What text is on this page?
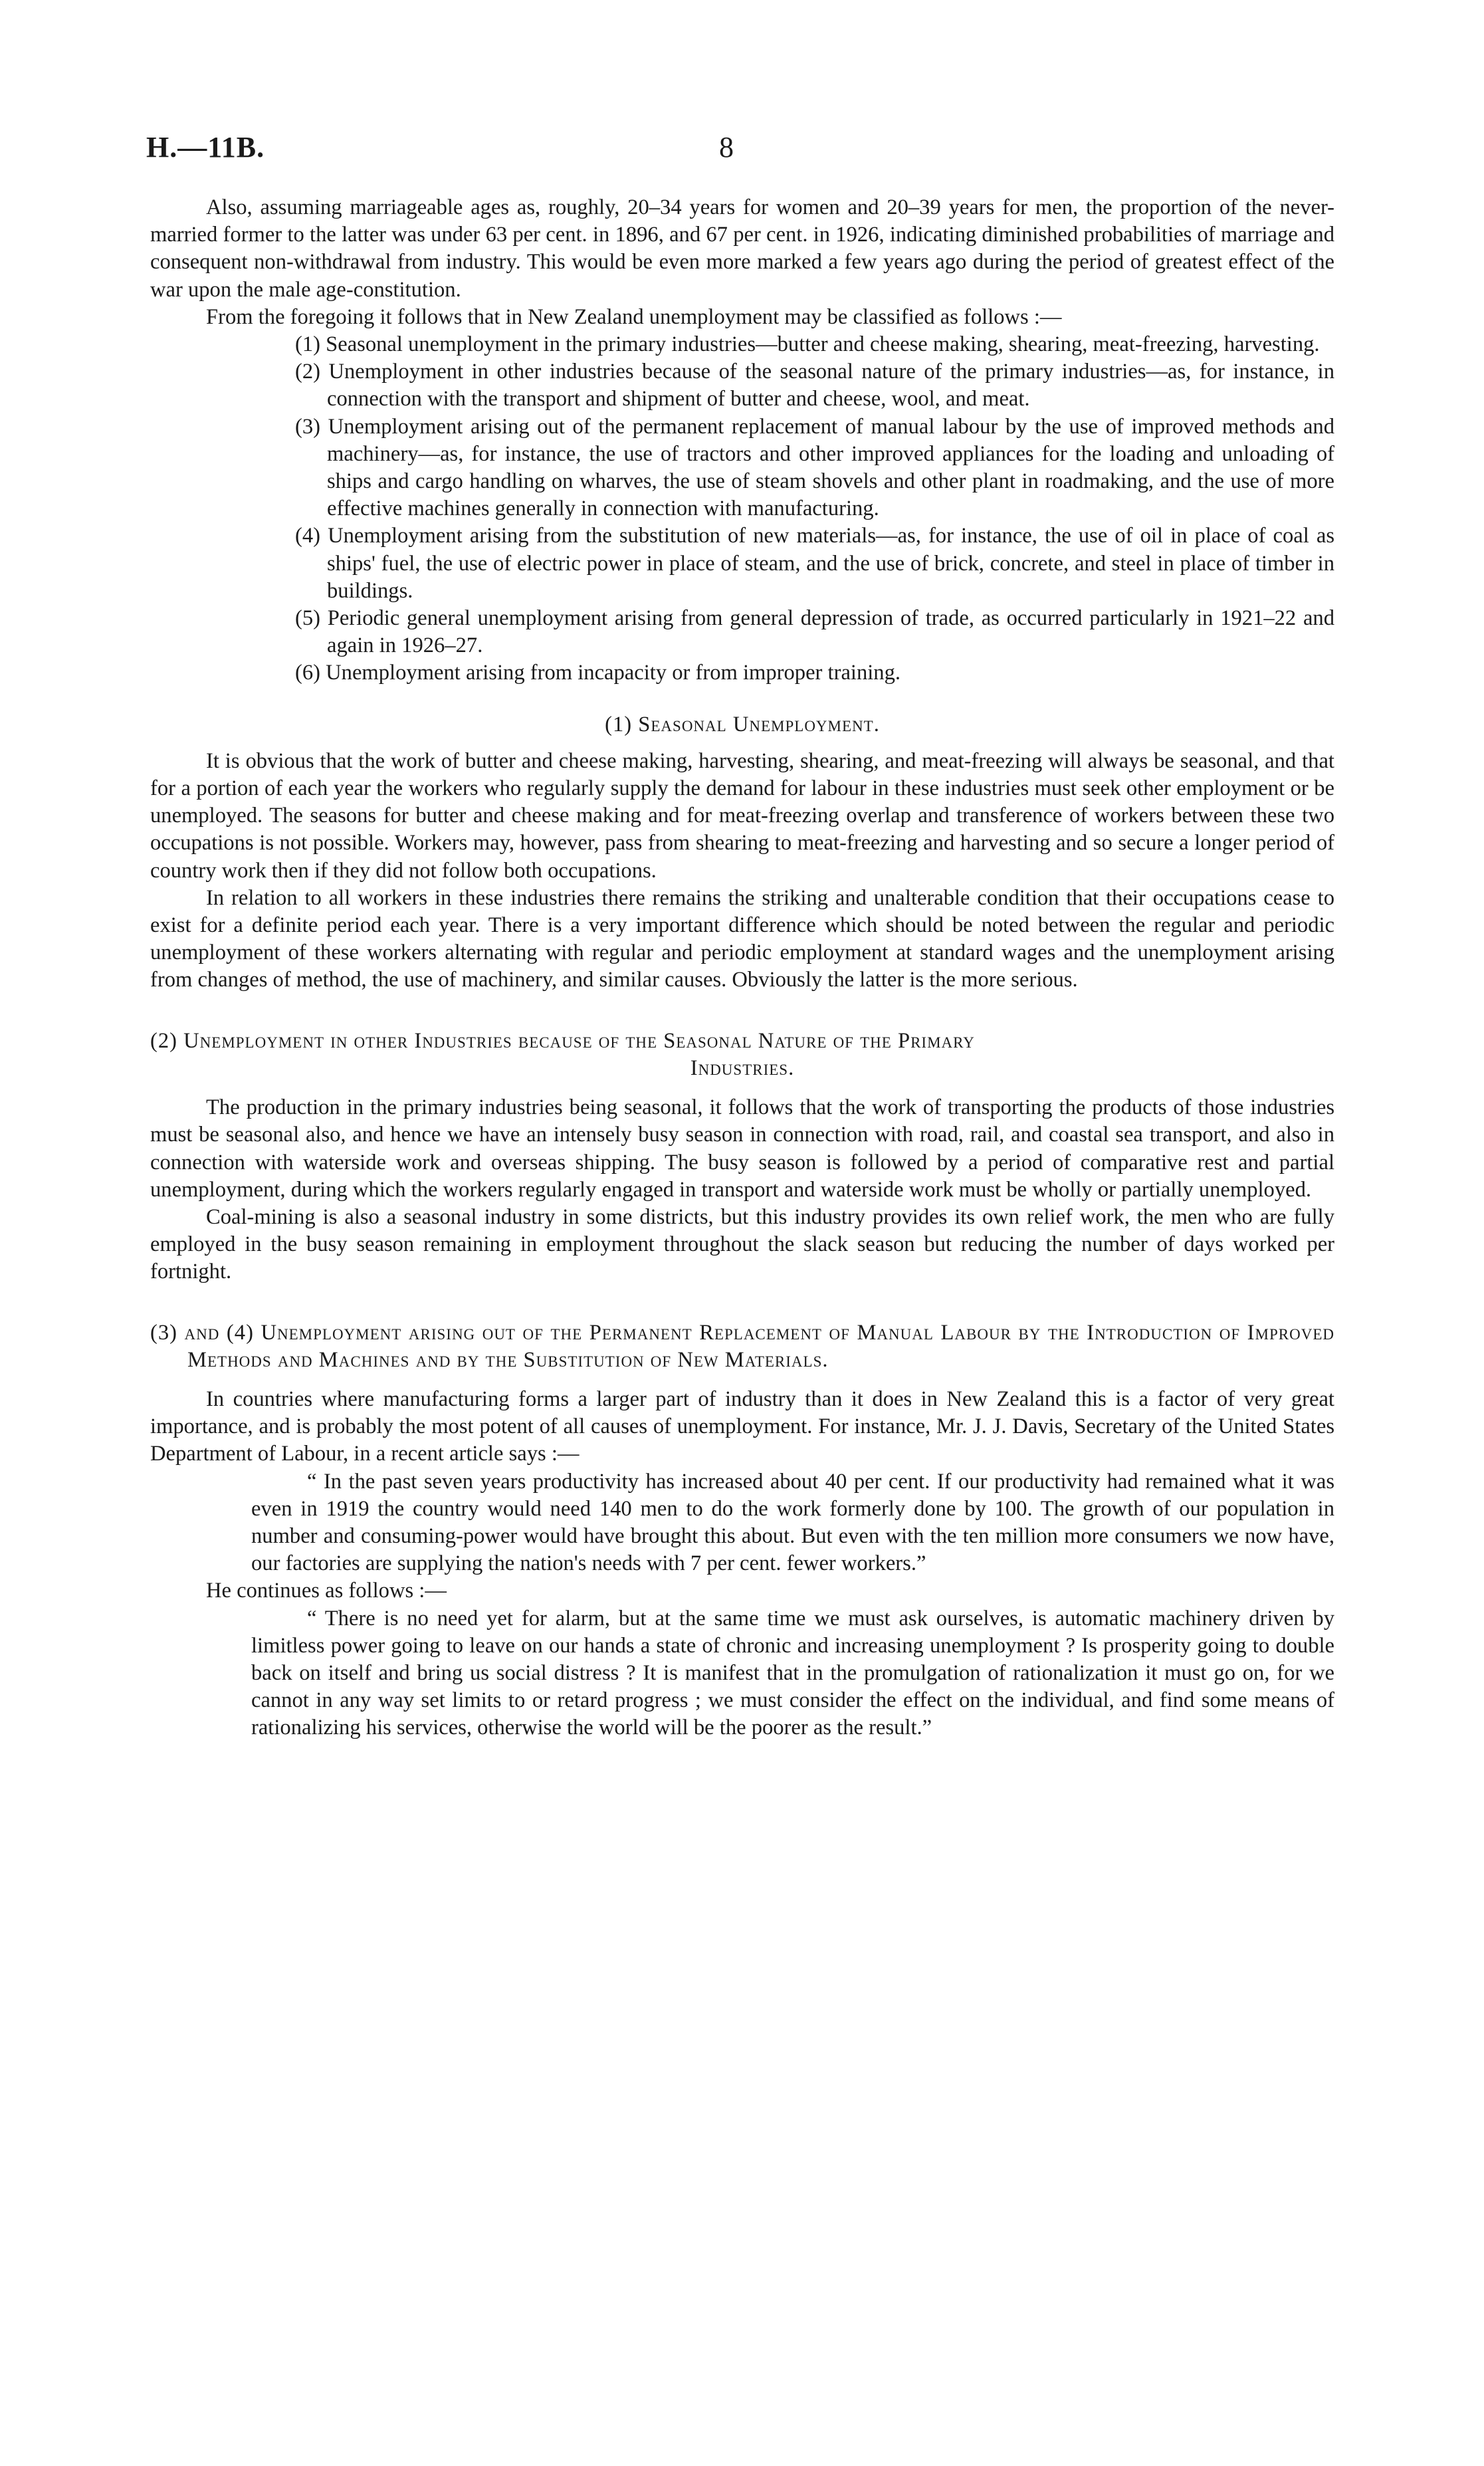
H.—11B.	8

Also, assuming marriageable ages as, roughly, 20–34 years for women and 20–39 years for men, the proportion of the never-married former to the latter was under 63 per cent. in 1896, and 67 per cent. in 1926, indicating diminished probabilities of marriage and consequent non-withdrawal from industry. This would be even more marked a few years ago during the period of greatest effect of the war upon the male age-constitution.

From the foregoing it follows that in New Zealand unemployment may be classified as follows :—

(1) Seasonal unemployment in the primary industries—butter and cheese making, shearing, meat-freezing, harvesting.

(2) Unemployment in other industries because of the seasonal nature of the primary industries—as, for instance, in connection with the transport and shipment of butter and cheese, wool, and meat.

(3) Unemployment arising out of the permanent replacement of manual labour by the use of improved methods and machinery—as, for instance, the use of tractors and other improved appliances for the loading and unloading of ships and cargo handling on wharves, the use of steam shovels and other plant in roadmaking, and the use of more effective machines generally in connection with manufacturing.

(4) Unemployment arising from the substitution of new materials—as, for instance, the use of oil in place of coal as ships' fuel, the use of electric power in place of steam, and the use of brick, concrete, and steel in place of timber in buildings.

(5) Periodic general unemployment arising from general depression of trade, as occurred particularly in 1921–22 and again in 1926–27.

(6) Unemployment arising from incapacity or from improper training.

(1) Seasonal Unemployment.

It is obvious that the work of butter and cheese making, harvesting, shearing, and meat-freezing will always be seasonal, and that for a portion of each year the workers who regularly supply the demand for labour in these industries must seek other employment or be unemployed. The seasons for butter and cheese making and for meat-freezing overlap and transference of workers between these two occupations is not possible. Workers may, however, pass from shearing to meat-freezing and harvesting and so secure a longer period of country work then if they did not follow both occupations.

In relation to all workers in these industries there remains the striking and unalterable condition that their occupations cease to exist for a definite period each year. There is a very important difference which should be noted between the regular and periodic unemployment of these workers alternating with regular and periodic employment at standard wages and the unemployment arising from changes of method, the use of machinery, and similar causes. Obviously the latter is the more serious.

(2) Unemployment in other Industries because of the Seasonal Nature of the Primary
Industries.

The production in the primary industries being seasonal, it follows that the work of transporting the products of those industries must be seasonal also, and hence we have an intensely busy season in connection with road, rail, and coastal sea transport, and also in connection with waterside work and overseas shipping. The busy season is followed by a period of comparative rest and partial unemployment, during which the workers regularly engaged in transport and waterside work must be wholly or partially unemployed.

Coal-mining is also a seasonal industry in some districts, but this industry provides its own relief work, the men who are fully employed in the busy season remaining in employment throughout the slack season but reducing the number of days worked per fortnight.

(3) and (4) Unemployment arising out of the Permanent Replacement of Manual Labour by the Introduction of Improved Methods and Machines and by the Substitution of New Materials.

In countries where manufacturing forms a larger part of industry than it does in New Zealand this is a factor of very great importance, and is probably the most potent of all causes of unemployment. For instance, Mr. J. J. Davis, Secretary of the United States Department of Labour, in a recent article says :—

“ In the past seven years productivity has increased about 40 per cent. If our productivity had remained what it was even in 1919 the country would need 140 men to do the work formerly done by 100. The growth of our population in number and consuming-power would have brought this about. But even with the ten million more consumers we now have, our factories are supplying the nation's needs with 7 per cent. fewer workers.”

He continues as follows :—

“ There is no need yet for alarm, but at the same time we must ask ourselves, is automatic machinery driven by limitless power going to leave on our hands a state of chronic and increasing unemployment ? Is prosperity going to double back on itself and bring us social distress ? It is manifest that in the promulgation of rationalization it must go on, for we cannot in any way set limits to or retard progress ; we must consider the effect on the individual, and find some means of rationalizing his services, otherwise the world will be the poorer as the result.”
